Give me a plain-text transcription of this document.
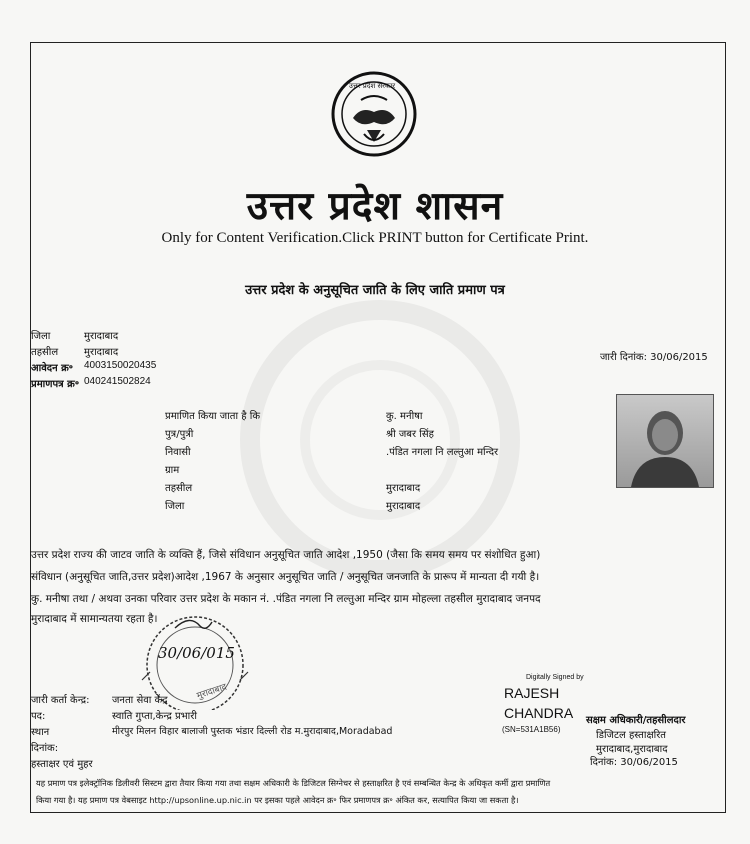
उत्तर प्रदेश सरकार
उत्तर प्रदेश शासन
Only for Content Verification.Click PRINT button for Certificate Print.
उत्तर प्रदेश के अनुसूचित जाति के लिए जाति प्रमाण पत्र
जिला	मुरादाबाद
तहसील	मुरादाबाद
आवेदन क्र॰ 4003150020435
प्रमाणपत्र क्र॰ 040241502824
जारी दिनांक: 30/06/2015
प्रमाणित किया जाता है कि	कु. मनीषा
पुत्र/पुत्री	श्री जबर सिंह
निवासी	.पंडित नगला नि लल्तुआ मन्दिर
ग्राम
तहसील	मुरादाबाद
जिला	मुरादाबाद
उत्तर प्रदेश राज्य की जाटव जाति के व्यक्ति हैं, जिसे संविधान अनुसूचित जाति आदेश ,1950 (जैसा कि समय समय पर संशोधित हुआ)
संविधान (अनुसूचित जाति,उत्तर प्रदेश)आदेश ,1967 के अनुसार अनुसूचित जाति / अनुसूचित जनजाति के प्रारूप में मान्यता दी गयी है।
कु. मनीषा तथा / अथवा उनका परिवार उत्तर प्रदेश के मकान नं. .पंडित नगला नि लल्तुआ मन्दिर ग्राम मोहल्ला तहसील मुरादाबाद जनपद
मुरादाबाद में सामान्यतया रहता है।
30/06/015
मुरादाबाद
जारी कर्ता केन्द्र: जनता सेवा केंद्र
पद:	स्वाति गुप्ता,केन्द्र प्रभारी
स्थान	मीरपुर मिलन विहार बालाजी पुस्तक भंडार दिल्ली रोड म.मुरादाबाद,Moradabad
दिनांक:
हस्ताक्षर एवं मुहर
Digitally Signed by
RAJESH
CHANDRA
(SN=531A1B56)
सक्षम अधिकारी/तहसीलदार
डिजिटल हस्ताक्षरित
मुरादाबाद,मुरादाबाद
दिनांक: 30/06/2015
यह प्रमाण पत्र इलेक्ट्रॉनिक डिलीवरी सिस्टम द्वारा तैयार किया गया तथा सक्षम अधिकारी के डिजिटल सिग्नेचर से हस्ताक्षरित है एवं सम्बन्धित केन्द्र के अधिकृत कर्मी द्वारा प्रमाणित
किया गया है। यह प्रमाण पत्र वेबसाइट http://upsonline.up.nic.in पर इसका पहले आवेदन क्र॰ फिर प्रमाणपत्र क्र॰ अंकित कर, सत्यापित किया जा सकता है।
